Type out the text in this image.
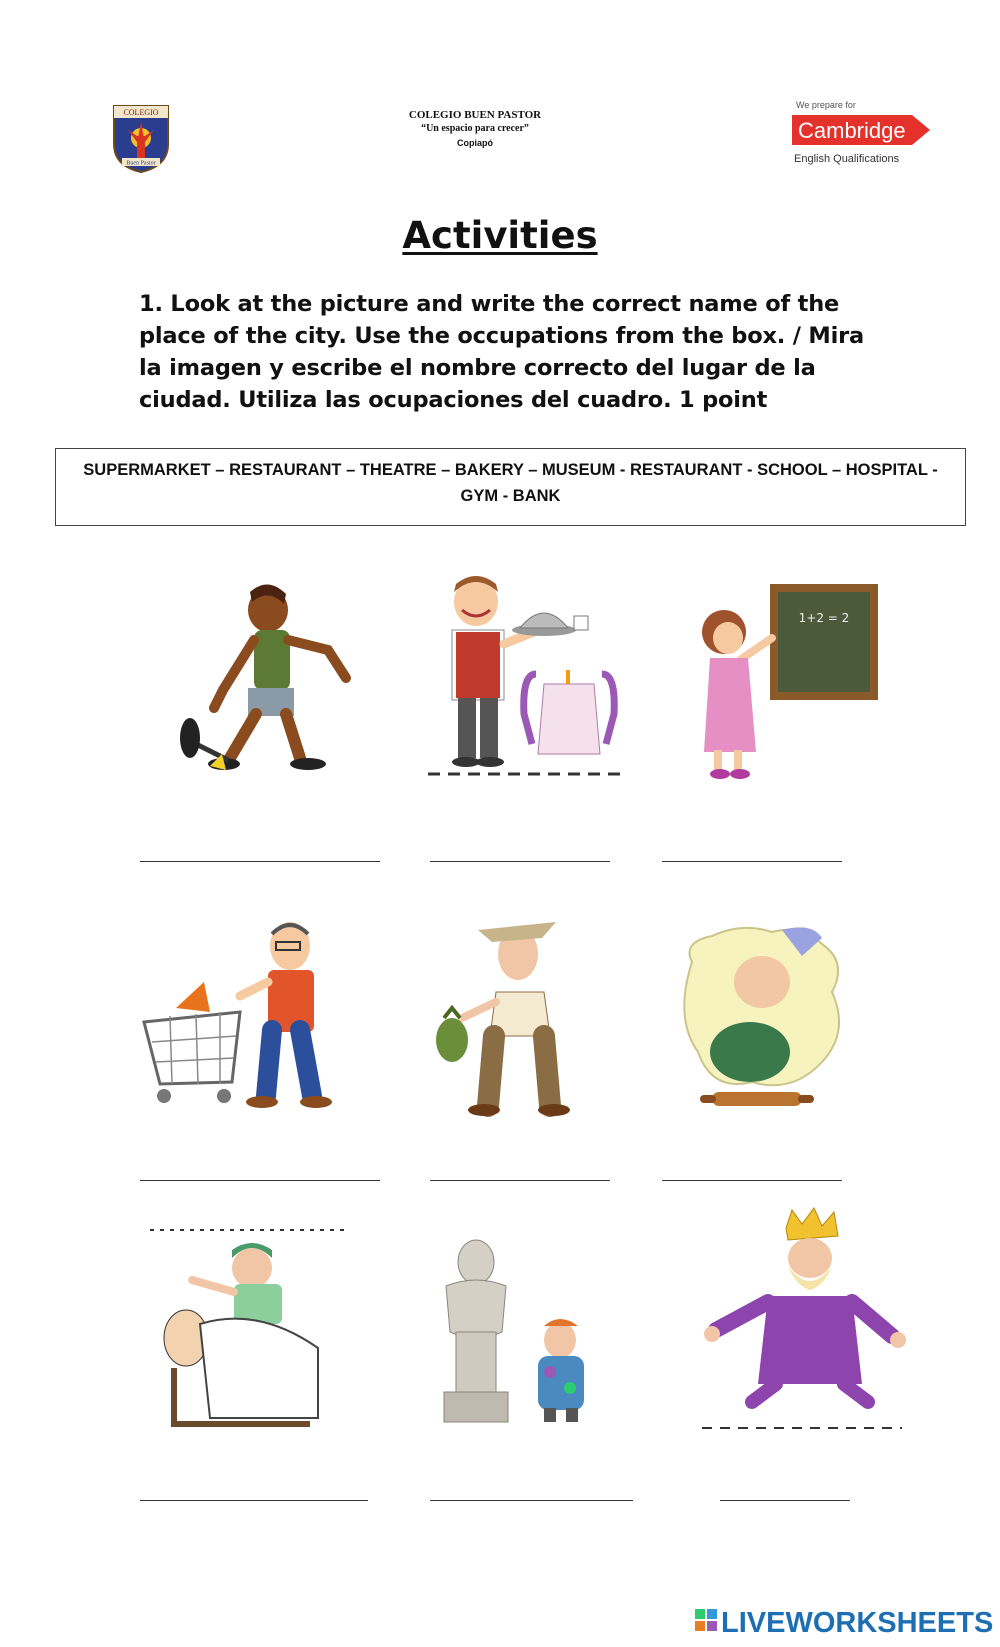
COLEGIO
Buen Pastor
COLEGIO BUEN PASTOR
“Un espacio para crecer”
Copiapó
We prepare for
Cambridge
English Qualifications
Activities
1. Look at the picture and write the correct name of the place of the city. Use the occupations from the box. / Mira la imagen y escribe el nombre correcto del lugar de la ciudad. Utiliza las ocupaciones del cuadro. 1 point
SUPERMARKET – RESTAURANT – THEATRE – BAKERY – MUSEUM - RESTAURANT - SCHOOL – HOSPITAL - GYM - BANK
1+2 = 2
LIVEWORKSHEETS
